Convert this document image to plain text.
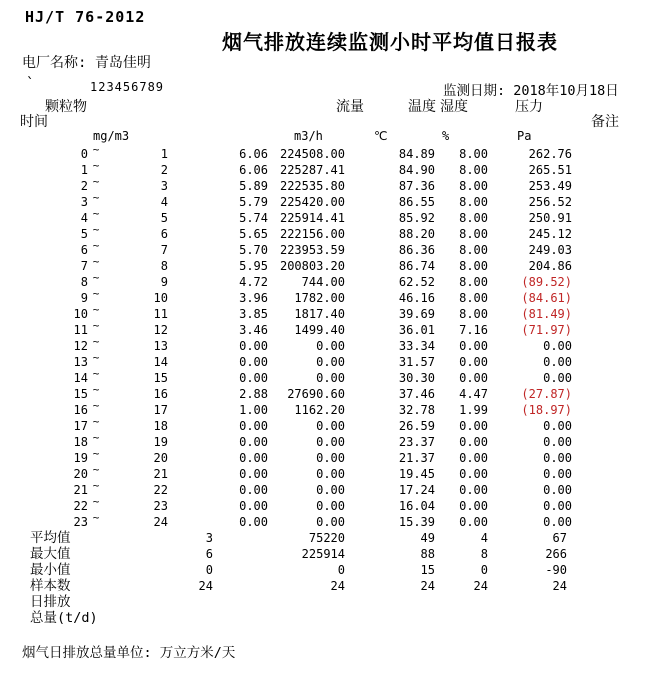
HJ/T 76-2012
烟气排放连续监测小时平均值日报表
电厂名称: 青岛佳明
`	123456789	监测日期: 2018年10月18日
颗粒物	流量	温度 湿度	压力
时间	备注
mg/m3	m3/h	℃	%	Pa
0 ~	1	6.06 224508.00	84.89	8.00	262.76
1 ~	2	6.06 225287.41	84.90	8.00	265.51
2 ~	3	5.89 222535.80	87.36	8.00	253.49
3 ~	4	5.79 225420.00	86.55	8.00	256.52
4 ~	5	5.74 225914.41	85.92	8.00	250.91
5 ~	6	5.65 222156.00	88.20	8.00	245.12
6 ~	7	5.70 223953.59	86.36	8.00	249.03
7 ~	8	5.95 200803.20	86.74	8.00	204.86
8 ~	9	4.72	744.00	62.52	8.00	(89.52)
9 ~	10	3.96	1782.00	46.16	8.00	(84.61)
10 ~	11	3.85	1817.40	39.69	8.00	(81.49)
11 ~	12	3.46	1499.40	36.01	7.16	(71.97)
12 ~	13	0.00	0.00	33.34	0.00	0.00
13 ~	14	0.00	0.00	31.57	0.00	0.00
14 ~	15	0.00	0.00	30.30	0.00	0.00
15 ~	16	2.88	27690.60	37.46	4.47	(27.87)
16 ~	17	1.00	1162.20	32.78	1.99	(18.97)
17 ~	18	0.00	0.00	26.59	0.00	0.00
18 ~	19	0.00	0.00	23.37	0.00	0.00
19 ~	20	0.00	0.00	21.37	0.00	0.00
20 ~	21	0.00	0.00	19.45	0.00	0.00
21 ~	22	0.00	0.00	17.24	0.00	0.00
22 ~	23	0.00	0.00	16.04	0.00	0.00
23 ~	24	0.00	0.00	15.39	0.00	0.00
平均值	3	75220	49	4	67
最大值	6	225914	88	8	266
最小值	0	0	15	0	-90
样本数	24	24	24	24	24
日排放
总量(t/d)
烟气日排放总量单位: 万立方米/天
